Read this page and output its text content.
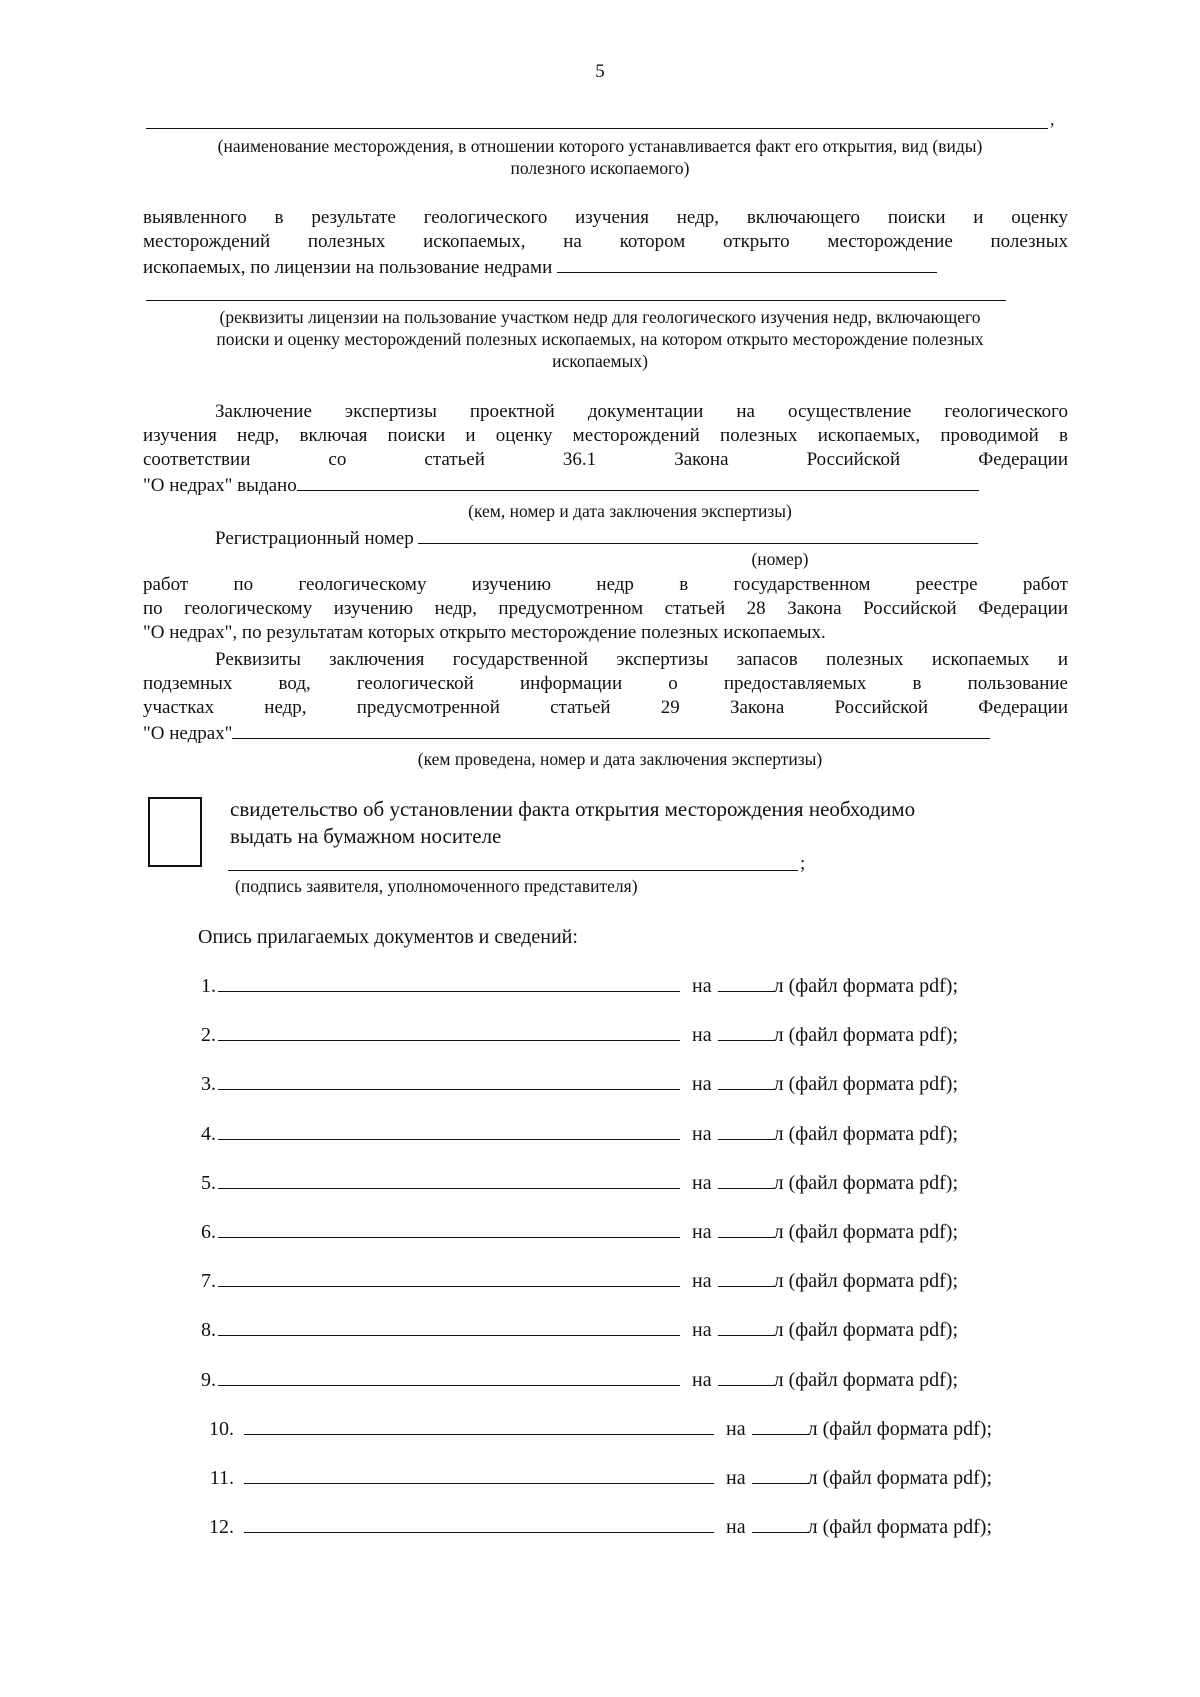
5
,
(наименование месторождения, в отношении которого устанавливается факт его открытия, вид (виды)
полезного ископаемого)
выявленного в результате геологического изучения недр, включающего поиски и оценку
месторождений полезных ископаемых, на котором открыто месторождение полезных
ископаемых, по лицензии на пользование недрами
(реквизиты лицензии на пользование участком недр для геологического изучения недр, включающего
поиски и оценку месторождений полезных ископаемых, на котором открыто месторождение полезных
ископаемых)
Заключение экспертизы проектной документации на осуществление геологического
изучения недр, включая поиски и оценку месторождений полезных ископаемых, проводимой в
соответствии со статьей 36.1 Закона Российской Федерации
"О недрах" выдано
(кем, номер и дата заключения экспертизы)
Регистрационный номер
(номер)
работ по геологическому изучению недр в государственном реестре работ
по геологическому изучению недр, предусмотренном статьей 28 Закона Российской Федерации
"О недрах", по результатам которых открыто месторождение полезных ископаемых.
Реквизиты заключения государственной экспертизы запасов полезных ископаемых и
подземных вод, геологической информации о предоставляемых в пользование
участках недр, предусмотренной статьей 29 Закона Российской Федерации
"О недрах"
(кем проведена, номер и дата заключения экспертизы)
свидетельство об установлении факта открытия месторождения необходимо
выдать на бумажном носителе
;
(подпись заявителя, уполномоченного представителя)
Опись прилагаемых документов и сведений:
1.	на	л (файл формата pdf);
2.	на	л (файл формата pdf);
3.	на	л (файл формата pdf);
4.	на	л (файл формата pdf);
5.	на	л (файл формата pdf);
6.	на	л (файл формата pdf);
7.	на	л (файл формата pdf);
8.	на	л (файл формата pdf);
9.	на	л (файл формата pdf);
10.	на	л (файл формата pdf);
11.	на	л (файл формата pdf);
12.	на	л (файл формата pdf);
